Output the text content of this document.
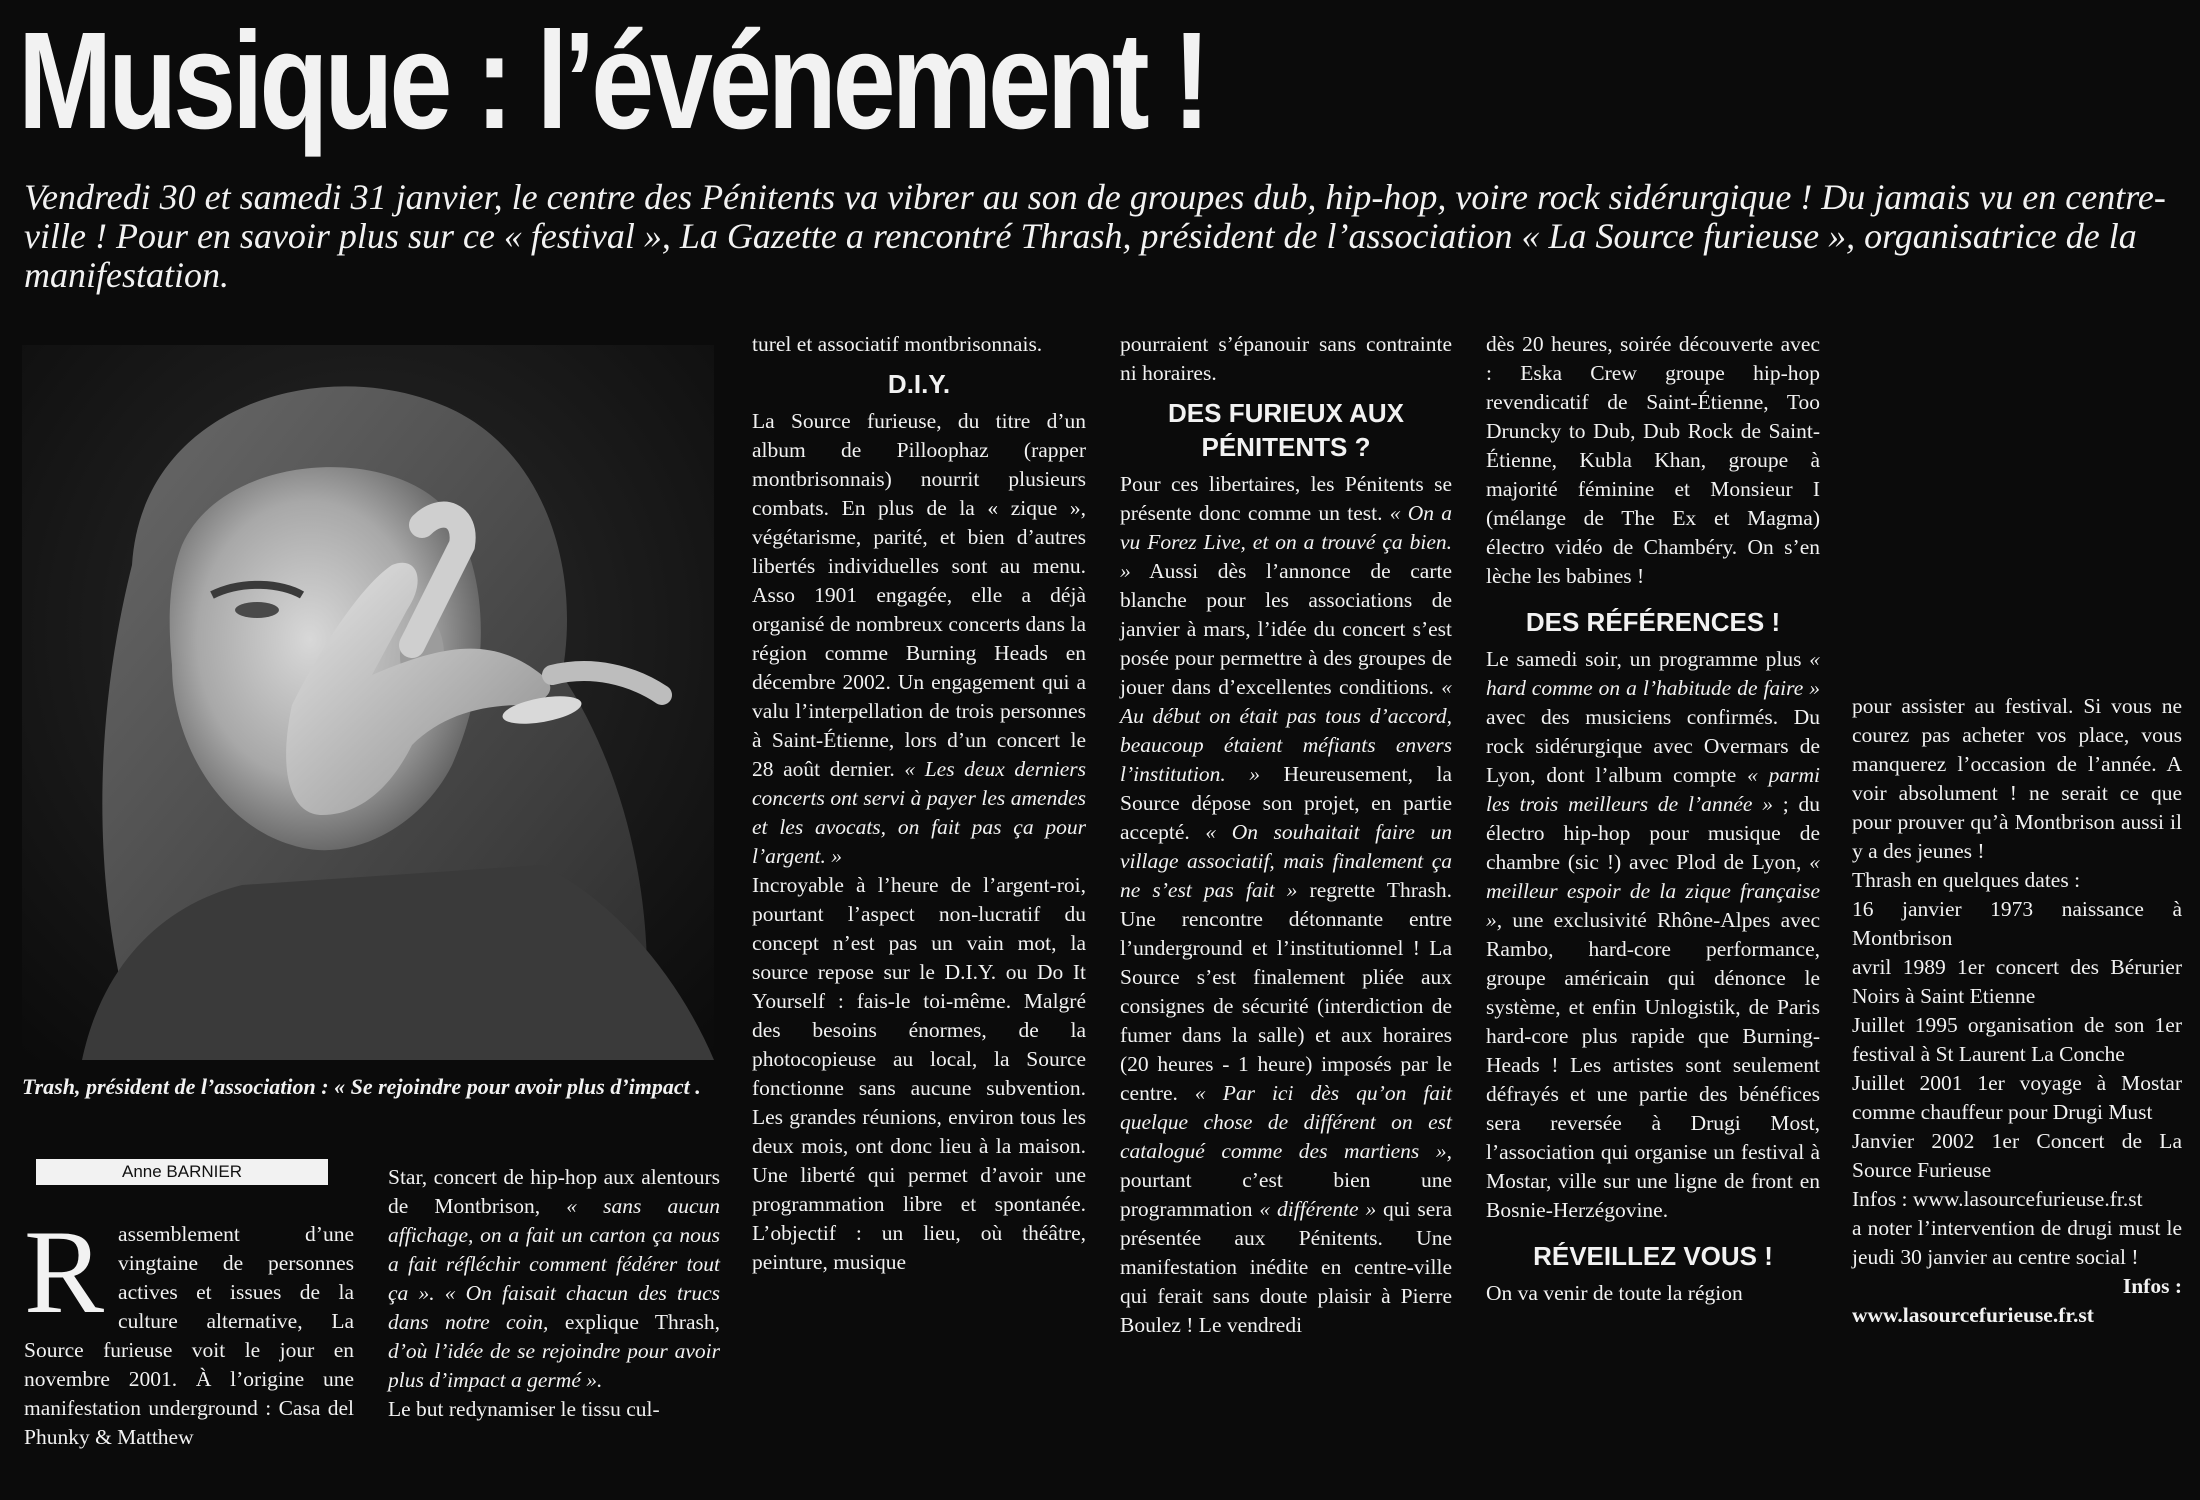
Musique : l’événement !

Vendredi 30 et samedi 31 janvier, le centre des Pénitents va vibrer au son de groupes dub, hip-hop, voire rock sidérurgique ! Du jamais vu en centre-ville ! Pour en savoir plus sur ce « festival », La Gazette a rencontré Thrash, président de l’association « La Source furieuse », organisatrice de la manifestation.

Trash, président de l’association : « Se rejoindre pour avoir plus d’impact .

Anne BARNIER

Rassemblement d’une vingtaine de personnes actives et issues de la culture alternative, La Source furieuse voit le jour en novembre 2001. À l’origine une manifestation underground : Casa del Phunky & Matthew

Star, concert de hip-hop aux alentours de Montbrison, « sans aucun affichage, on a fait un carton ça nous a fait réfléchir comment fédérer tout ça ». « On faisait chacun des trucs dans notre coin, explique Thrash, d’où l’idée de se rejoindre pour avoir plus d’impact a germé ».

Le but redynamiser le tissu cul-

turel et associatif montbrisonnais.

D.I.Y.

La Source furieuse, du titre d’un album de Pilloophaz (rapper montbrisonnais) nourrit plusieurs combats. En plus de la « zique », végétarisme, parité, et bien d’autres libertés individuelles sont au menu. Asso 1901 engagée, elle a déjà organisé de nombreux concerts dans la région comme Burning Heads en décembre 2002. Un engagement qui a valu l’interpellation de trois personnes à Saint-Étienne, lors d’un concert le 28 août dernier. « Les deux derniers concerts ont servi à payer les amendes et les avocats, on fait pas ça pour l’argent. »

Incroyable à l’heure de l’argent-roi, pourtant l’aspect non-lucratif du concept n’est pas un vain mot, la source repose sur le D.I.Y. ou Do It Yourself : fais-le toi-même. Malgré des besoins énormes, de la photocopieuse au local, la Source fonctionne sans aucune subvention. Les grandes réunions, environ tous les deux mois, ont donc lieu à la maison. Une liberté qui permet d’avoir une programmation libre et spontanée. L’objectif : un lieu, où théâtre, peinture, musique

pourraient s’épanouir sans contrainte ni horaires.

DES FURIEUX AUX PÉNITENTS ?

Pour ces libertaires, les Pénitents se présente donc comme un test. « On a vu Forez Live, et on a trouvé ça bien. » Aussi dès l’annonce de carte blanche pour les associations de janvier à mars, l’idée du concert s’est posée pour permettre à des groupes de jouer dans d’excellentes conditions. « Au début on était pas tous d’accord, beaucoup étaient méfiants envers l’institution. » Heureusement, la Source dépose son projet, en partie accepté. « On souhaitait faire un village associatif, mais finalement ça ne s’est pas fait » regrette Thrash. Une rencontre détonnante entre l’underground et l’institutionnel ! La Source s’est finalement pliée aux consignes de sécurité (interdiction de fumer dans la salle) et aux horaires (20 heures - 1 heure) imposés par le centre. « Par ici dès qu’on fait quelque chose de différent on est catalogué comme des martiens », pourtant c’est bien une programmation « différente » qui sera présentée aux Pénitents. Une manifestation inédite en centre-ville qui ferait sans doute plaisir à Pierre Boulez ! Le vendredi

dès 20 heures, soirée découverte avec : Eska Crew groupe hip-hop revendicatif de Saint-Étienne, Too Druncky to Dub, Dub Rock de Saint-Étienne, Kubla Khan, groupe à majorité féminine et Monsieur I (mélange de The Ex et Magma) électro vidéo de Chambéry. On s’en lèche les babines !

DES RÉFÉRENCES !

Le samedi soir, un programme plus « hard comme on a l’habitude de faire » avec des musiciens confirmés. Du rock sidérurgique avec Overmars de Lyon, dont l’album compte « parmi les trois meilleurs de l’année » ; du électro hip-hop pour musique de chambre (sic !) avec Plod de Lyon, « meilleur espoir de la zique française », une exclusivité Rhône-Alpes avec Rambo, hard-core performance, groupe américain qui dénonce le système, et enfin Unlogistik, de Paris hard-core plus rapide que Burning-Heads ! Les artistes sont seulement défrayés et une partie des bénéfices sera reversée à Drugi Most, l’association qui organise un festival à Mostar, ville sur une ligne de front en Bosnie-Herzégovine.

RÉVEILLEZ VOUS !

On va venir de toute la région

pour assister au festival. Si vous ne courez pas acheter vos place, vous manquerez l’occasion de l’année. A voir absolument ! ne serait ce que pour prouver qu’à Montbrison aussi il y a des jeunes !

Thrash en quelques dates :

16 janvier 1973 naissance à Montbrison

avril 1989 1er concert des Bérurier Noirs à Saint Etienne

Juillet 1995 organisation de son 1er festival à St Laurent La Conche

Juillet 2001 1er voyage à Mostar comme chauffeur pour Drugi Must

Janvier 2002 1er Concert de La Source Furieuse

Infos : www.lasourcefurieuse.fr.st

a noter l’intervention de drugi must le jeudi 30 janvier au centre social !

Infos :

www.lasourcefurieuse.fr.st
